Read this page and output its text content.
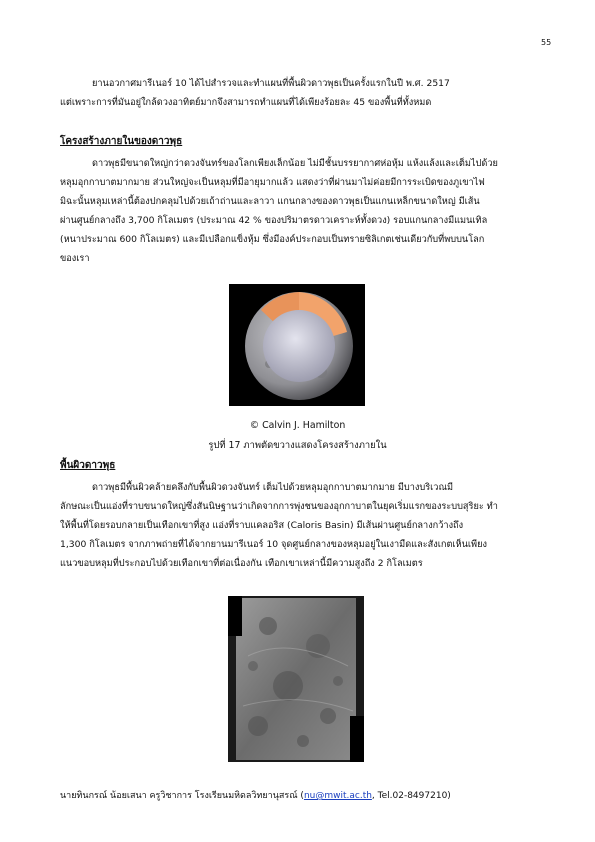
55
ยานอวกาศมารีเนอร์ 10 ได้ไปสำรวจและทำแผนที่พื้นผิวดาวพุธเป็นครั้งแรกในปี พ.ศ. 2517
แต่เพราะการที่มันอยู่ใกล้ดวงอาทิตย์มากจึงสามารถทำแผนที่ได้เพียงร้อยละ 45 ของพื้นที่ทั้งหมด
โครงสร้างภายในของดาวพุธ
ดาวพุธมีขนาดใหญ่กว่าดวงจันทร์ของโลกเพียงเล็กน้อย ไม่มีชั้นบรรยากาศห่อหุ้ม แห้งแล้งและเต็มไปด้วย
หลุมอุกกาบาตมากมาย ส่วนใหญ่จะเป็นหลุมที่มีอายุมากแล้ว แสดงว่าที่ผ่านมาไม่ค่อยมีการระเบิดของภูเขาไฟ
มิฉะนั้นหลุมเหล่านี้ต้องปกคลุมไปด้วยเถ้าถ่านและลาวา แกนกลางของดาวพุธเป็นแกนเหล็กขนาดใหญ่ มีเส้น
ผ่านศูนย์กลางถึง 3,700 กิโลเมตร (ประมาณ 42 % ของปริมาตรดาวเคราะห์ทั้งดวง) รอบแกนกลางมีแมนเทิล
(หนาประมาณ 600 กิโลเมตร) และมีเปลือกแข็งหุ้ม ซึ่งมีองค์ประกอบเป็นทรายซิลิเกตเช่นเดียวกับที่พบบนโลก
ของเรา
© Calvin J. Hamilton
รูปที่ 17 ภาพตัดขวางแสดงโครงสร้างภายใน
พื้นผิวดาวพุธ
ดาวพุธมีพื้นผิวคล้ายคลึงกับพื้นผิวดวงจันทร์ เต็มไปด้วยหลุมอุกกาบาตมากมาย มีบางบริเวณมี
ลักษณะเป็นแอ่งที่ราบขนาดใหญ่ซึ่งสันนิษฐานว่าเกิดจากการพุ่งชนของอุกกาบาตในยุคเริ่มแรกของระบบสุริยะ ทำ
ให้พื้นที่โดยรอบกลายเป็นเทือกเขาที่สูง แอ่งที่ราบแคลอริส (Caloris Basin) มีเส้นผ่านศูนย์กลางกว้างถึง
1,300 กิโลเมตร จากภาพถ่ายที่ได้จากยานมารีเนอร์ 10 จุดศูนย์กลางของหลุมอยู่ในเงามืดและสังเกตเห็นเพียง
แนวขอบหลุมที่ประกอบไปด้วยเทือกเขาที่ต่อเนื่องกัน เทือกเขาเหล่านี้มีความสูงถึง 2 กิโลเมตร
นายทินกรณ์ น้อยเสนา ครูวิชาการ โรงเรียนมหิดลวิทยานุสรณ์ (nu@mwit.ac.th, Tel.02-8497210)
